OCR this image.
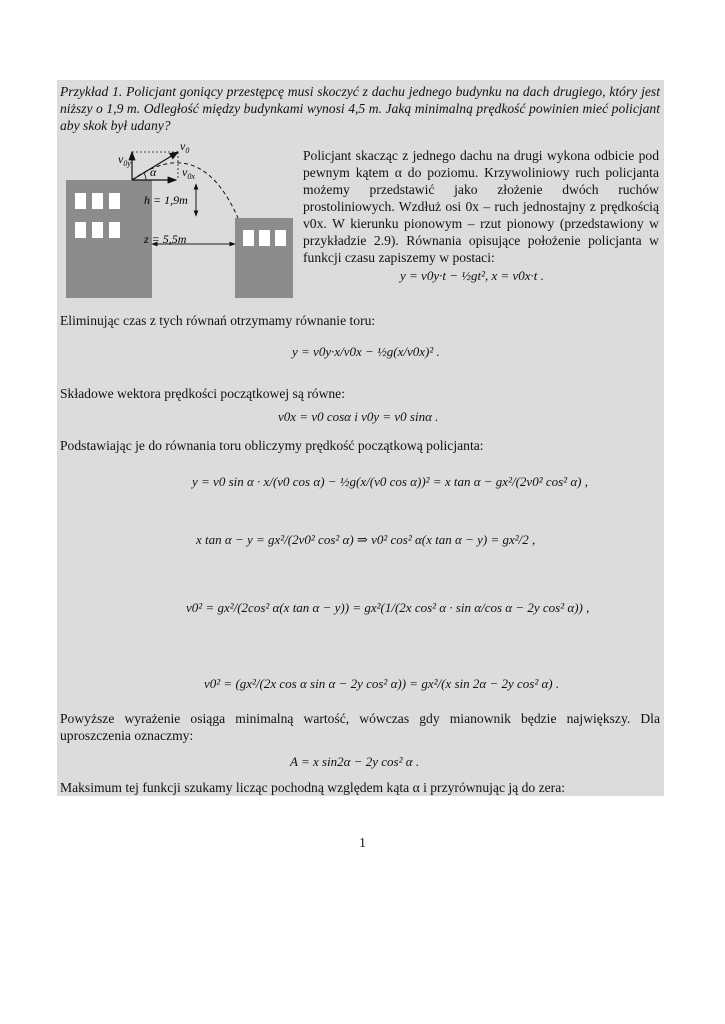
Przykład 1. Policjant goniący przestępcę musi skoczyć z dachu jednego budynku na dach drugiego, który jest niższy o 1,9 m. Odległość między budynkami wynosi 4,5 m. Jaką minimalną prędkość powinien mieć policjant aby skok był udany?

$v_0$
$v_{0y}$
$v_{0x}$
α
h = 1,9m
z = 5,5m

Policjant skacząc z jednego dachu na drugi wykona odbicie pod pewnym kątem α do poziomu. Krzywoliniowy ruch policjanta możemy przedstawić jako złożenie dwóch ruchów prostoliniowych. Wzdłuż osi 0x – ruch jednostajny z prędkością v0x. W kierunku pionowym – rzut pionowy (przedstawiony w przykładzie 2.9). Równania opisujące położenie policjanta w funkcji czasu zapiszemy w postaci:

y = v0y·t − ½gt², x = v0x·t .

Eliminując czas z tych równań otrzymamy równanie toru:

y = v0y·x/v0x − ½g(x/v0x)² .

Składowe wektora prędkości początkowej są równe:

v0x = v0 cosα i v0y = v0 sinα .

Podstawiając je do równania toru obliczymy prędkość początkową policjanta:

y = v0 sin α · x/(v0 cos α) − ½g(x/(v0 cos α))² = x tan α − gx²/(2v0² cos² α) ,
x tan α − y = gx²/(2v0² cos² α) ⇒ v0² cos² α(x tan α − y) = gx²/2 ,
v0² = gx²/(2cos² α(x tan α − y)) = gx²(1/(2x cos² α · sin α/cos α − 2y cos² α)) ,
v0² = (gx²/(2x cos α sin α − 2y cos² α)) = gx²/(x sin 2α − 2y cos² α) .

Powyższe wyrażenie osiąga minimalną wartość, wówczas gdy mianownik będzie największy. Dla uproszczenia oznaczmy:

A = x sin2α − 2y cos² α .

Maksimum tej funkcji szukamy licząc pochodną względem kąta α i przyrównując ją do zera:

1
